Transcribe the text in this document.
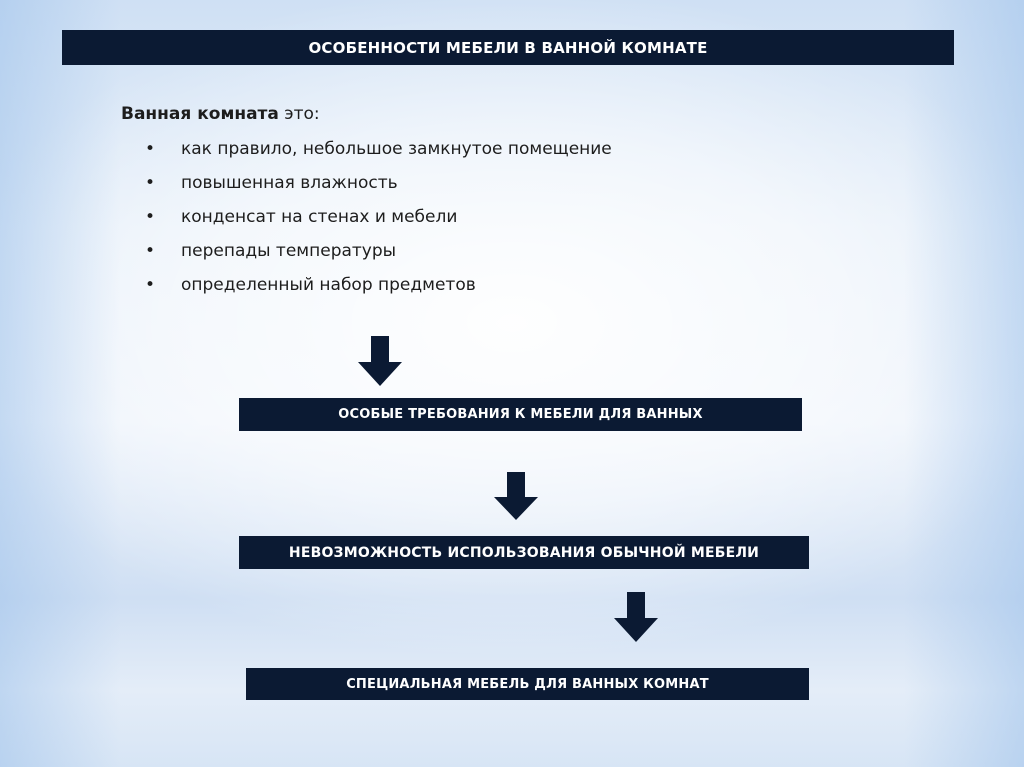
ОСОБЕННОСТИ МЕБЕЛИ В ВАННОЙ КОМНАТЕ
Ванная комната это:
• как правило, небольшое замкнутое помещение
• повышенная влажность
• конденсат на стенах и мебели
• перепады температуры
• определенный набор предметов
ОСОБЫЕ ТРЕБОВАНИЯ К МЕБЕЛИ ДЛЯ ВАННЫХ
НЕВОЗМОЖНОСТЬ ИСПОЛЬЗОВАНИЯ ОБЫЧНОЙ МЕБЕЛИ
СПЕЦИАЛЬНАЯ МЕБЕЛЬ ДЛЯ ВАННЫХ КОМНАТ
